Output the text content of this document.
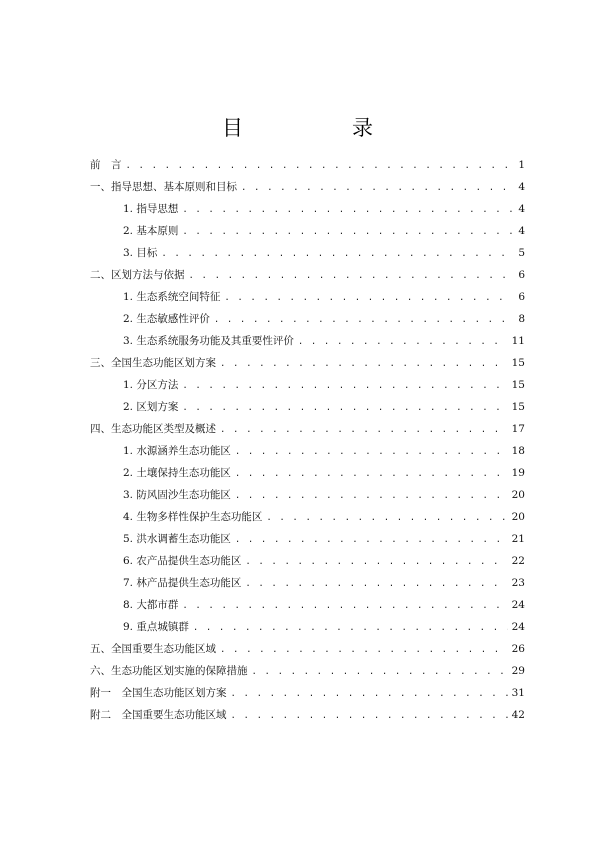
目　录
前　言 . . .	1
一、指导思想、基本原则和目标 . . .	4
1. 指导思想 . . .	4
2. 基本原则 . . .	4
3. 目标 . . .	5
二、区划方法与依据 . . .	6
1. 生态系统空间特征 . . .	6
2. 生态敏感性评价 . . .	8
3. 生态系统服务功能及其重要性评价 . . .	11
三、全国生态功能区划方案 . . .	15
1. 分区方法 . . .	15
2. 区划方案 . . .	15
四、生态功能区类型及概述 . . .	17
1. 水源涵养生态功能区 . . .	18
2. 土壤保持生态功能区 . . .	19
3. 防风固沙生态功能区 . . .	20
4. 生物多样性保护生态功能区 . . .	20
5. 洪水调蓄生态功能区 . . .	21
6. 农产品提供生态功能区 . . .	22
7. 林产品提供生态功能区 . . .	23
8. 大都市群 . . .	24
9. 重点城镇群 . . .	24
五、全国重要生态功能区域 . . .	26
六、生态功能区划实施的保障措施 . . .	29
附一　全国生态功能区划方案 . . .	31
附二　全国重要生态功能区域 . . .	42
